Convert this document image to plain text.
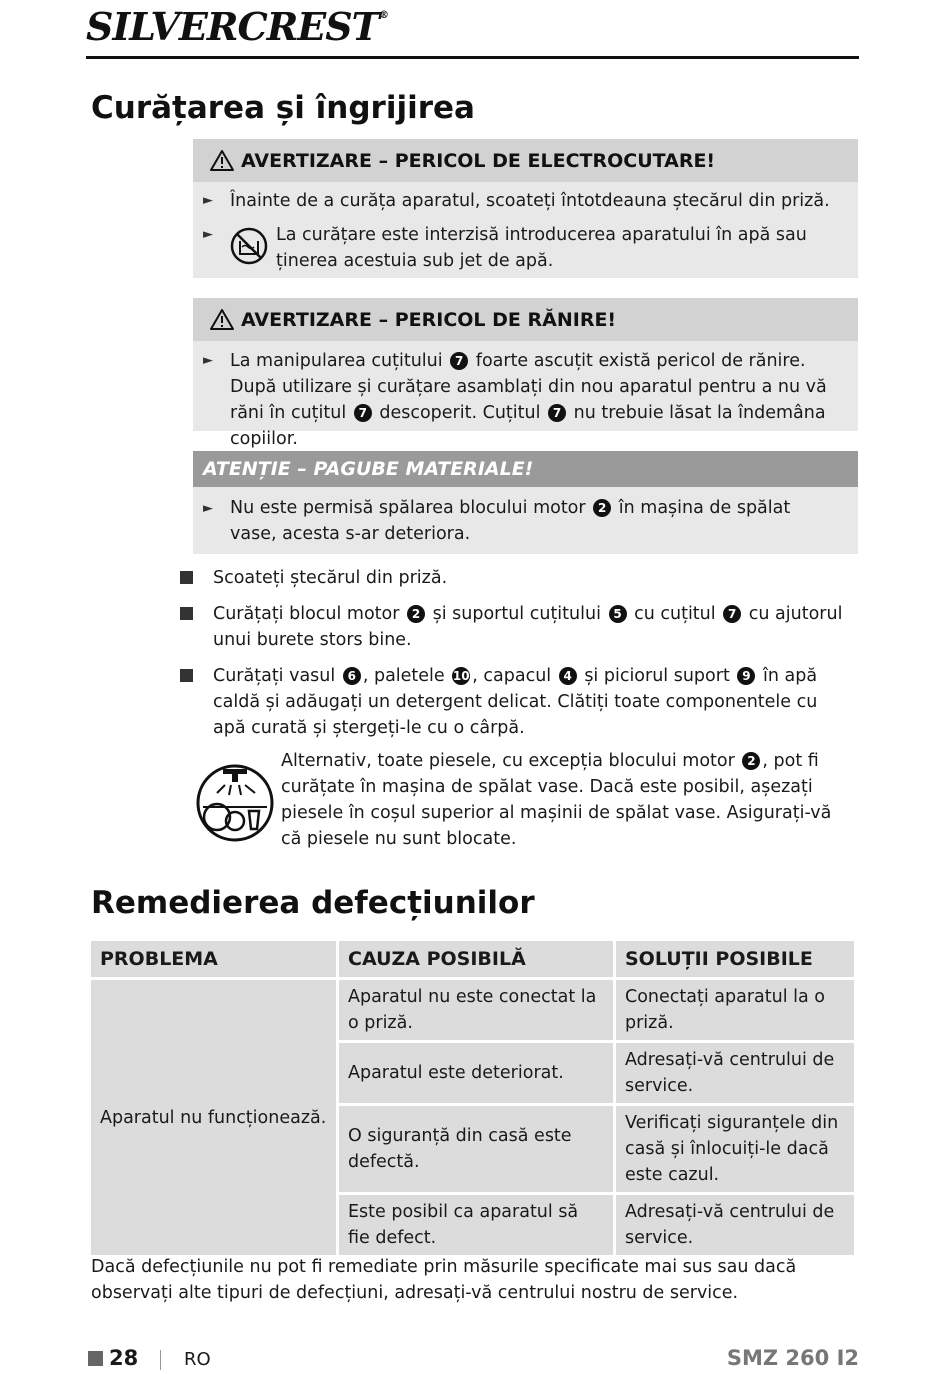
SILVERCREST®
Curățarea și îngrijirea
AVERTIZARE – PERICOL DE ELECTROCUTARE!
► Înainte de a curăța aparatul, scoateți întotdeauna ștecărul din priză.
►	La curățare este interzisă introducerea aparatului în apă sau ținerea acestuia sub jet de apă.
AVERTIZARE – PERICOL DE RĂNIRE!
► La manipularea cuțitului 7 foarte ascuțit există pericol de rănire. După utilizare și curățare asamblați din nou aparatul pentru a nu vă răni în cuțitul 7 descoperit. Cuțitul 7 nu trebuie lăsat la îndemâna copiilor.
ATENȚIE – PAGUBE MATERIALE!
► Nu este permisă spălarea blocului motor 2 în mașina de spălat vase, acesta s-ar deteriora.
Scoateți ștecărul din priză.
Curățați blocul motor 2 și suportul cuțitului 5 cu cuțitul 7 cu ajutorul unui burete stors bine.
Curățați vasul 6 , paletele 10 , capacul 4 și piciorul suport 9 în apă caldă și adăugați un detergent delicat. Clătiți toate componentele cu apă curată și ștergeți-le cu o cârpă.
Alternativ, toate piesele, cu excepția blocului motor 2 , pot fi curățate în mașina de spălat vase. Dacă este posibil, așezați piesele în coșul superior al mașinii de spălat vase. Asigurați-vă că piesele nu sunt blocate.
Remedierea defecțiunilor
PROBLEMA	CAUZA POSIBILĂ	SOLUȚII POSIBILE
Aparatul nu funcționează.	Aparatul nu este conectat la o priză.	Conectați aparatul la o priză.
	Aparatul este deteriorat.	Adresați-vă centrului de service.
	O siguranță din casă este defectă.	Verificați siguranțele din casă și înlocuiți-le dacă este cazul.
	Este posibil ca aparatul să fie defect.	Adresați-vă centrului de service.
Dacă defecțiunile nu pot fi remediate prin măsurile specificate mai sus sau dacă observați alte tipuri de defecțiuni, adresați-vă centrului nostru de service.
28	RO	SMZ 260 I2
